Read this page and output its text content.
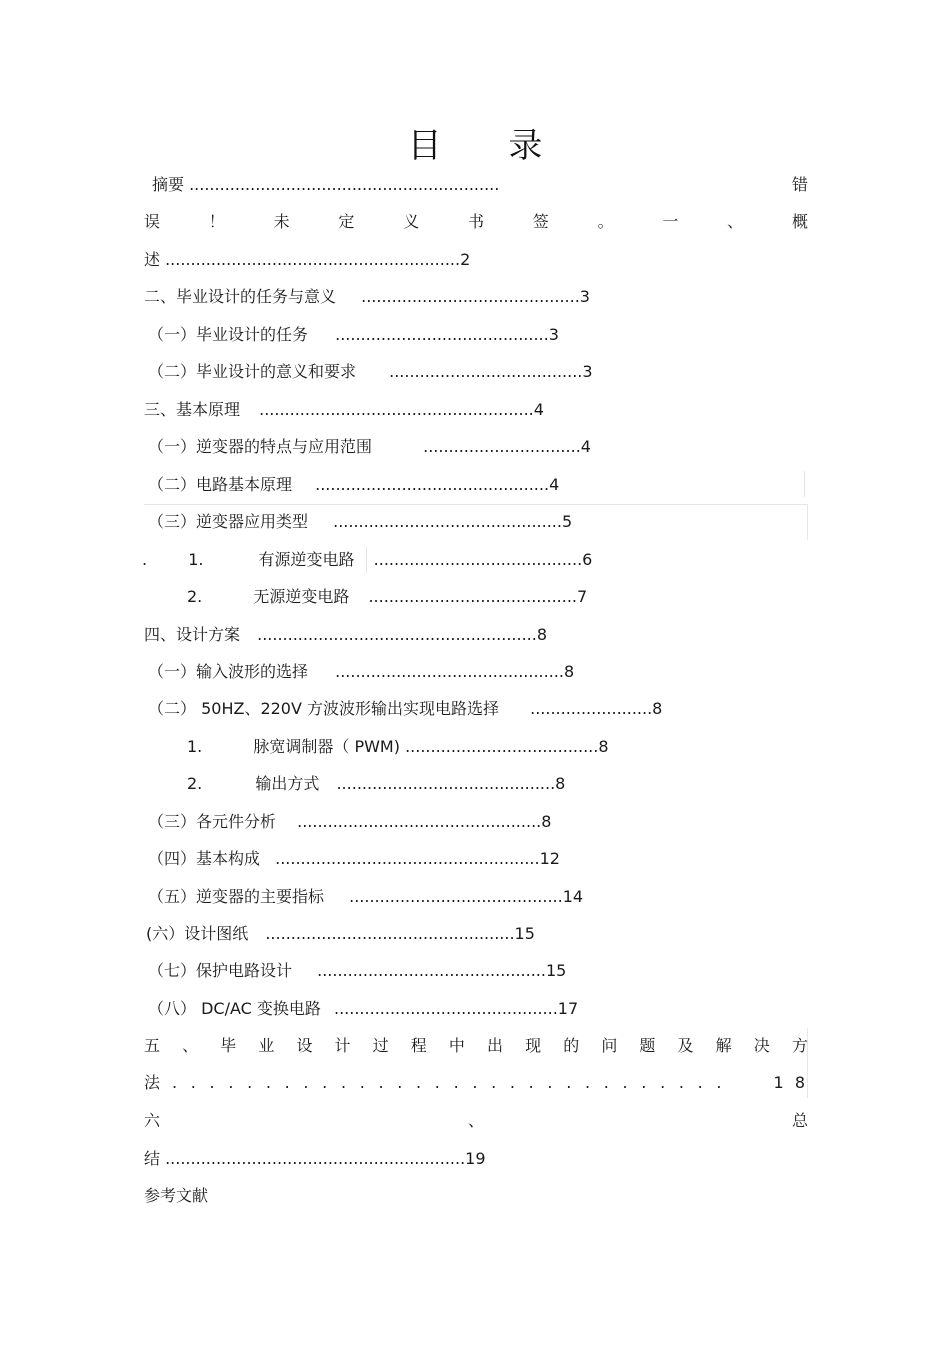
目 录
摘要 .............................................................	错
误	！	未	定	义	书	签	。	一	、	概
述 ..........................................................2
二、毕业设计的任务与意义 ...........................................3
（一）毕业设计的任务 ..........................................3
（二）毕业设计的意义和要求 ......................................3
三、基本原理 ......................................................4
（一）逆变器的特点与应用范围	...............................4
（二）电路基本原理 ..............................................4
（三）逆变器应用类型 .............................................5
.	1.	有源逆变电路 .........................................6
2.	无源逆变电路 .........................................7
四、设计方案 .......................................................8
（一）输入波形的选择 .............................................8
（二） 50HZ、220V 方波波形输出实现电路选择 ........................8
1.	脉宽调制器（ PWM) ......................................8
2.	输出方式 ...........................................8
（三）各元件分析 ................................................8
（四）基本构成 ....................................................12
（五）逆变器的主要指标 ..........................................14
(六）设计图纸 .................................................15
（七）保护电路设计 .............................................15
（八） DC/AC 变换电路 ............................................17
五 、 毕 业 设 计 过 程 中 出 现 的 问 题 及 解 决 方
法 . . . . . . . . . . . . . . . . . . . . . . . . . . . . . .	1 8
六	、	总
结 ...........................................................19
参考文献
